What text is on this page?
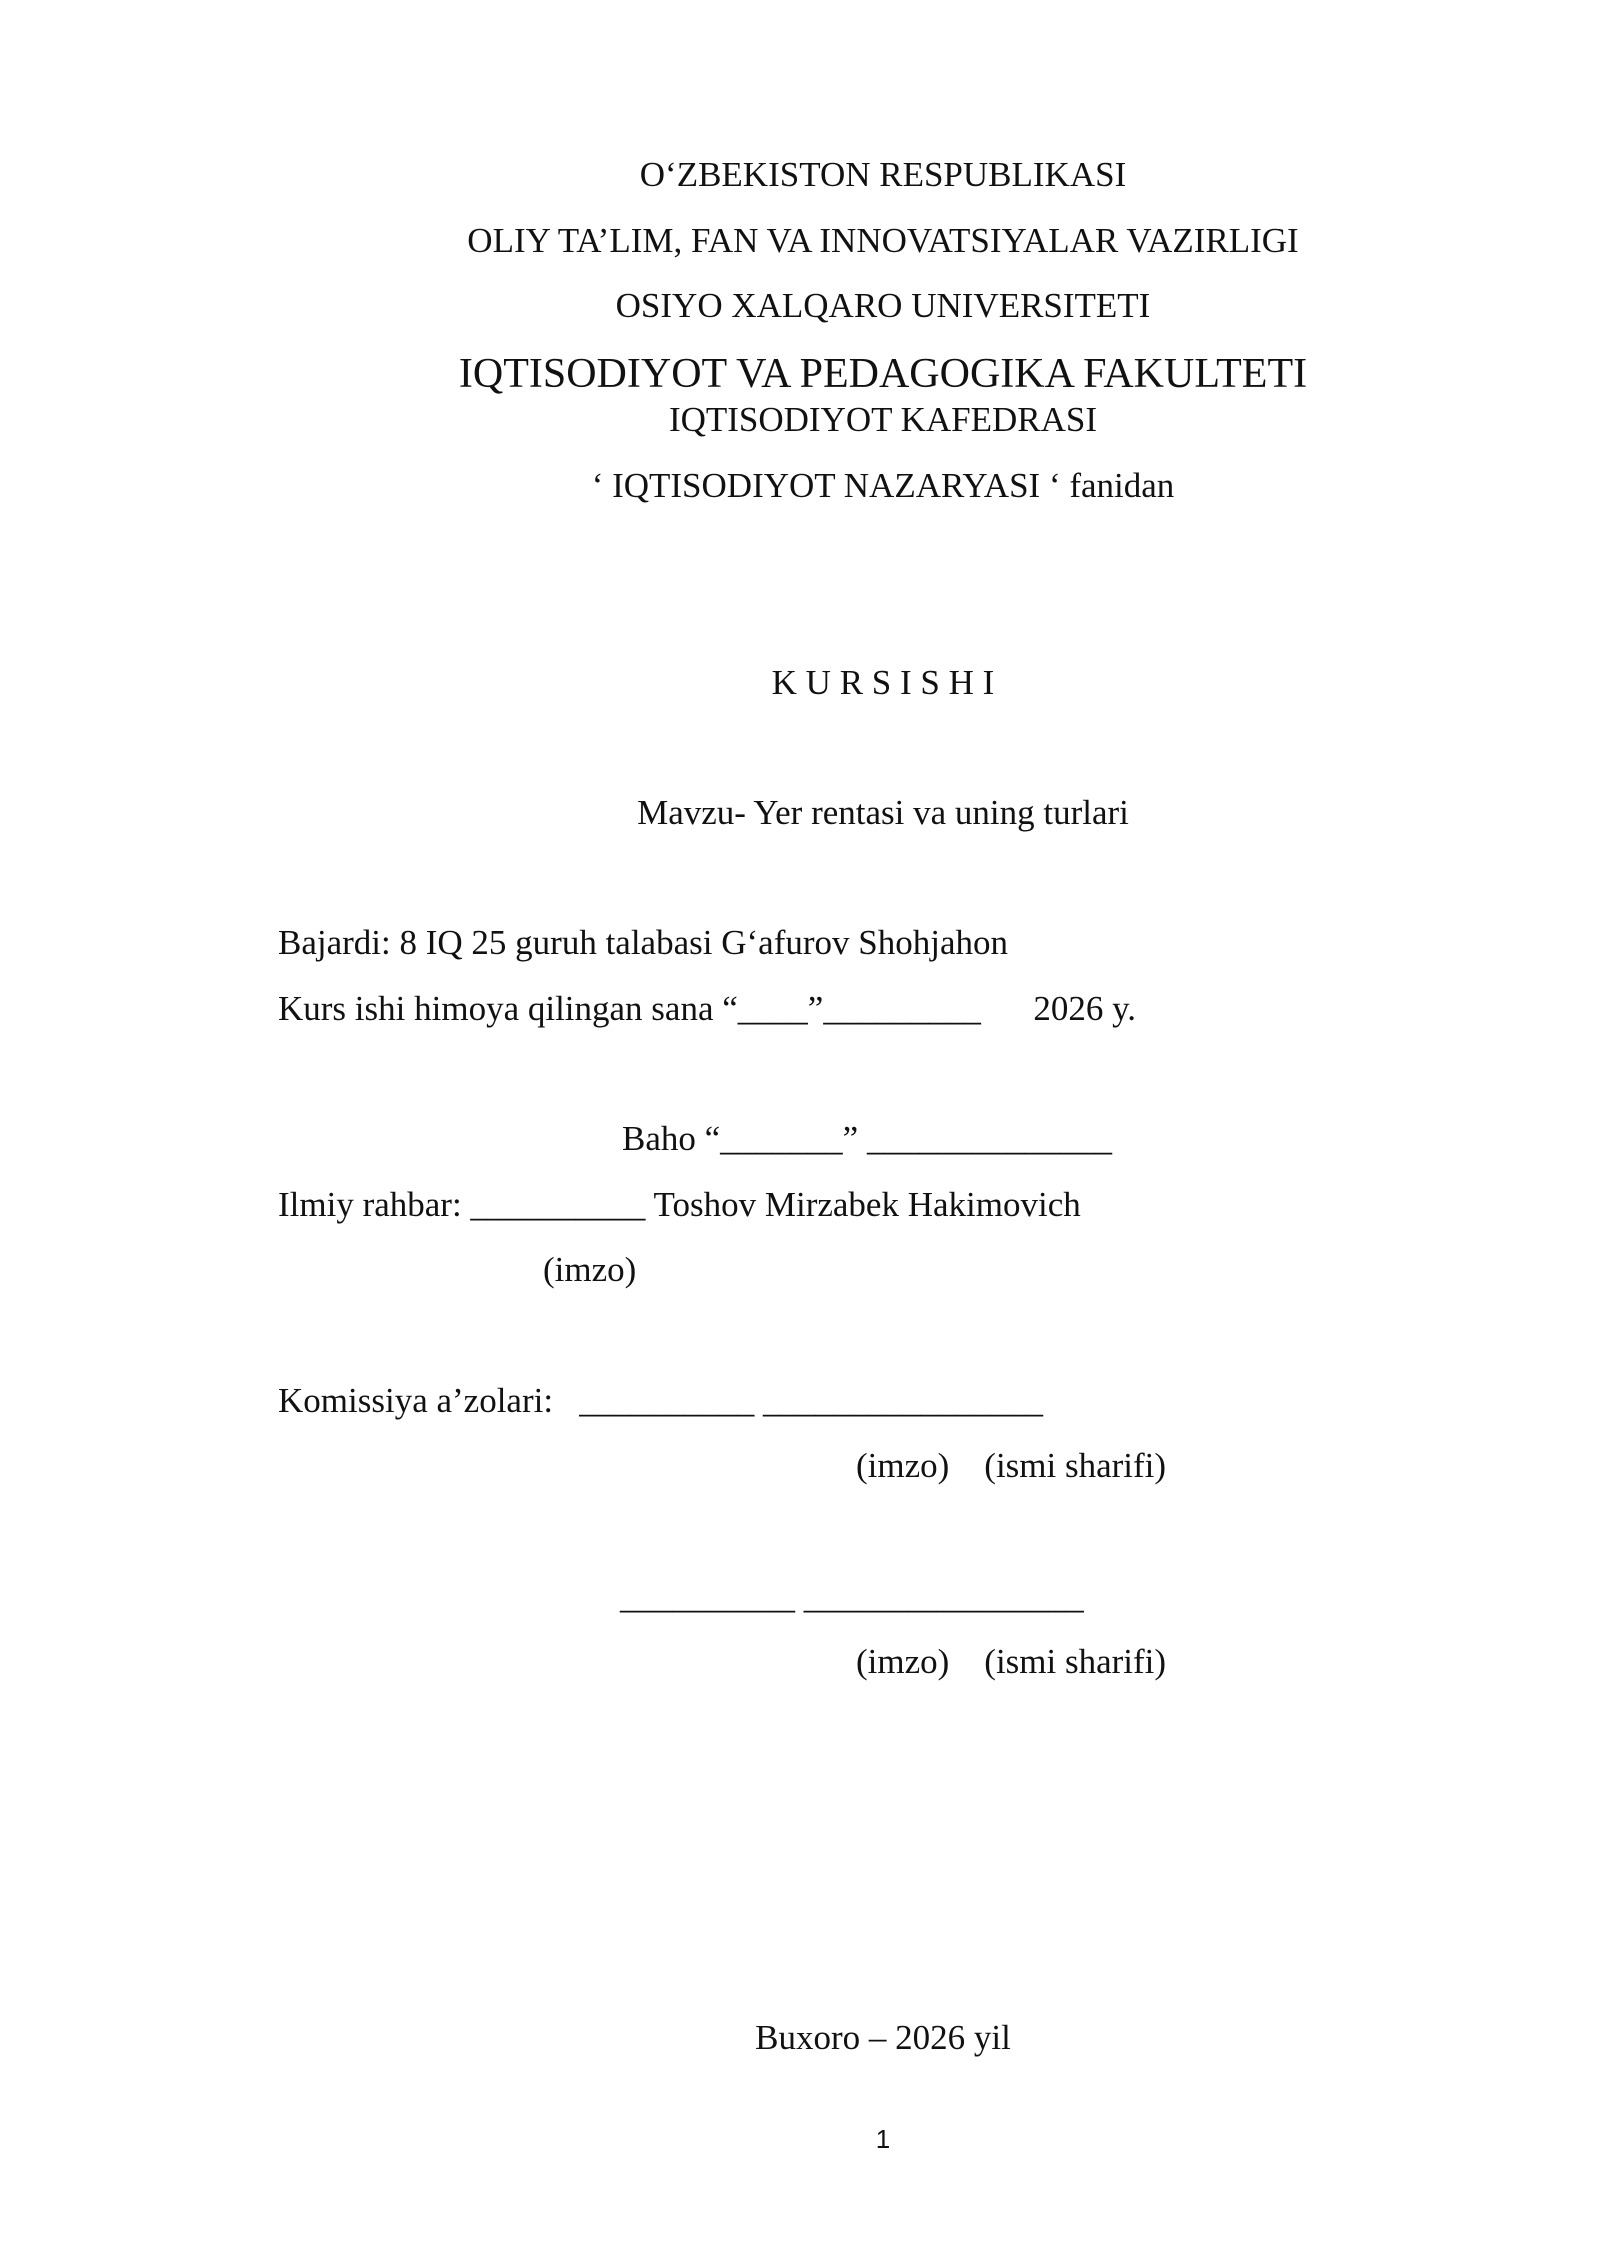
O‘ZBEKISTON RESPUBLIKASI
OLIY TA’LIM, FAN VA INNOVATSIYALAR VAZIRLIGI
OSIYO XALQARO UNIVERSITETI
IQTISODIYOT VA PEDAGOGIKA FAKULTETI
IQTISODIYOT KAFEDRASI
‘ IQTISODIYOT NAZARYASI ‘ fanidan
K U R S I S H I
Mavzu- Yer rentasi va uning turlari
Bajardi: 8 IQ 25 guruh talabasi G‘afurov Shohjahon
Kurs ishi himoya qilingan sana “____”_________      2026 y.
Baho “_______” ______________
Ilmiy rahbar: __________ Toshov Mirzabek Hakimovich
(imzo)
Komissiya a’zolari:   __________ ________________
(imzo)    (ismi sharifi)
__________ ________________
(imzo)    (ismi sharifi)
Buxoro – 2026 yil
1
